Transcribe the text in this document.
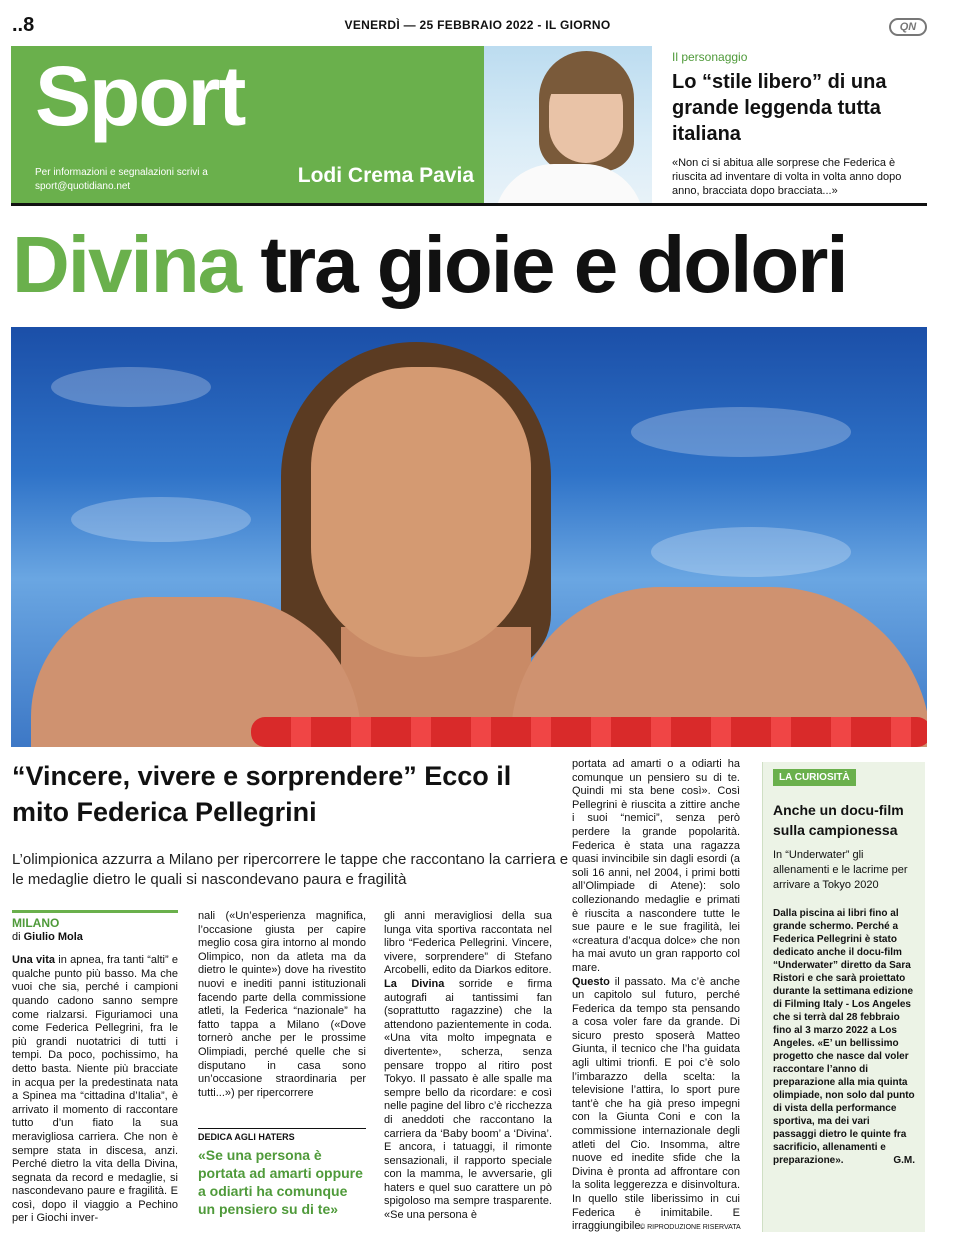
..8	VENERDÌ — 25 FEBBRAIO 2022 - IL GIORNO	QN
Sport
Per informazioni e segnalazioni scrivi a sport@quotidiano.net	Lodi Crema Pavia
Il personaggio
Lo “stile libero” di una grande leggenda tutta italiana
«Non ci si abitua alle sorprese che Federica è riuscita ad inventare di volta in volta anno dopo anno, bracciata dopo bracciata...»
Divina tra gioie e dolori
“Vincere, vivere e sorprendere” Ecco il mito Federica Pellegrini
L’olimpionica azzurra a Milano per ripercorrere le tappe che raccontano la carriera e le medaglie dietro le quali si nascondevano paura e fragilità
MILANO
di Giulio Mola

Una vita in apnea, fra tanti “alti” e qualche punto più basso. Ma che vuoi che sia, perché i campioni quando cadono sanno sempre come rialzarsi. Figuriamoci una come Federica Pellegrini, fra le più grandi nuotatrici di tutti i tempi. Da poco, pochissimo, ha detto basta. Niente più bracciate in acqua per la predestinata nata a Spinea ma “cittadina d’Italia”, è arrivato il momento di raccontare tutto d’un fiato la sua meravigliosa carriera. Che non è sempre stata in discesa, anzi. Perché dietro la vita della Divina, segnata da record e medaglie, si nascondevano paure e fragilità. E così, dopo il viaggio a Pechino per i Giochi inver-

nali («Un’esperienza magnifica, l’occasione giusta per capire meglio cosa gira intorno al mondo Olimpico, non da atleta ma da dietro le quinte») dove ha rivestito nuovi e inediti panni istituzionali facendo parte della commissione atleti, la Federica “nazionale” ha fatto tappa a Milano («Dove tornerò anche per le prossime Olimpiadi, perché quelle che si disputano in casa sono un’occasione straordinaria per tutti...») per ripercorrere

DEDICA AGLI HATERS
«Se una persona è portata ad amarti oppure a odiarti ha comunque un pensiero su di te»

gli anni meravigliosi della sua lunga vita sportiva raccontata nel libro “Federica Pellegrini. Vincere, vivere, sorprendere” di Stefano Arcobelli, edito da Diarkos editore.

La Divina sorride e firma autografi ai tantissimi fan (soprattutto ragazzine) che la attendono pazientemente in coda. «Una vita molto impegnata e divertente», scherza, senza pensare troppo al ritiro post Tokyo. Il passato è alle spalle ma sempre bello da ricordare: e così nelle pagine del libro c’è ricchezza di aneddoti che raccontano la carriera da ‘Baby boom’ a ‘Divina’. E ancora, i tatuaggi, il rimonte sensazionali, il rapporto speciale con la mamma, le avversarie, gli haters e quel suo carattere un pò spigoloso ma sempre trasparente. «Se una persona è

portata ad amarti o a odiarti ha comunque un pensiero su di te. Quindi mi sta bene così». Così Pellegrini è riuscita a zittire anche i suoi “nemici”, senza però perdere la grande popolarità. Federica è stata una ragazza quasi invincibile sin dagli esordi (a soli 16 anni, nel 2004, i primi botti all’Olimpiade di Atene): solo collezionando medaglie e primati è riuscita a nascondere tutte le sue paure e le sue fragilità, lei «creatura d’acqua dolce» che non ha mai avuto un gran rapporto col mare.

Questo il passato. Ma c’è anche un capitolo sul futuro, perché Federica da tempo sta pensando a cosa voler fare da grande. Di sicuro presto sposerà Matteo Giunta, il tecnico che l’ha guidata agli ultimi trionfi. E poi c’è solo l’imbarazzo della scelta: la televisione l’attira, lo sport pure tant’è che ha già preso impegni con la Giunta Coni e con la commissione internazionale degli atleti del Cio. Insomma, altre nuove ed inedite sfide che la Divina è pronta ad affrontare con la solita leggerezza e disinvoltura. In quello stile liberissimo in cui Federica è inimitabile. E irraggiungibile.

© RIPRODUZIONE RISERVATA
LA CURIOSITÀ
Anche un docu-film sulla campionessa
In “Underwater” gli allenamenti e le lacrime per arrivare a Tokyo 2020
Dalla piscina ai libri fino al grande schermo. Perché a Federica Pellegrini è stato dedicato anche il docu-film “Underwater” diretto da Sara Ristori e che sarà proiettato durante la settimana edizione di Filming Italy - Los Angeles che si terrà dal 28 febbraio fino al 3 marzo 2022 a Los Angeles. «E’ un bellissimo progetto che nasce dal voler raccontare l’anno di preparazione alla mia quinta olimpiade, non solo dal punto di vista della performance sportiva, ma dei vari passaggi dietro le quinte fra sacrificio, allenamenti e preparazione».	G.M.
